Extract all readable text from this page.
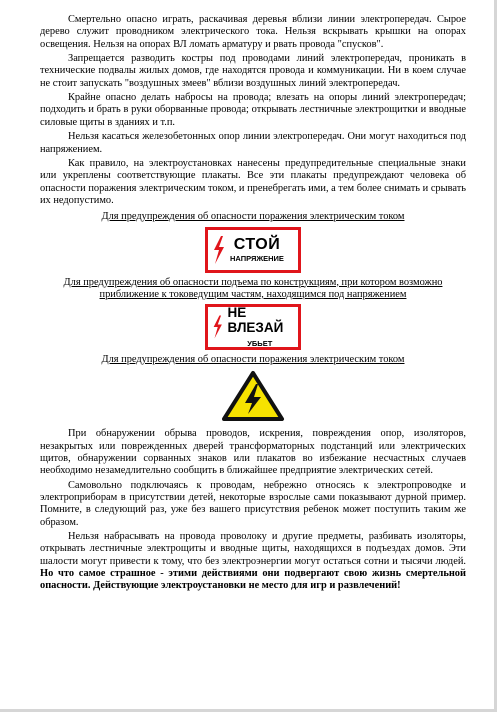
Смертельно опасно играть, раскачивая деревья вблизи линии электропередач. Сырое дерево служит проводником электрического тока. Нельзя вскрывать крышки на опорах освещения. Нельзя на опорах ВЛ ломать арматуру и рвать провода "спусков".

Запрещается разводить костры под проводами линий электропередач, проникать в технические подвалы жилых домов, где находятся провода и коммуникации. Ни в коем случае не стоит запускать "воздушных змеев" вблизи воздушных линий электропередач.

Крайне опасно делать набросы на провода; влезать на опоры линий электропередач; подходить и брать в руки оборванные провода; открывать лестничные электрощитки и вводные силовые щиты в зданиях и т.п.

Нельзя касаться железобетонных опор линии электропередач. Они могут находиться под напряжением.

Как правило, на электроустановках нанесены предупредительные специальные знаки или укреплены соответствующие плакаты. Все эти плакаты предупреждают человека об опасности поражения электрическим током, и пренебрегать ими, а тем более снимать и срывать их недопустимо.

Для предупреждения об опасности поражения электрическим током

СТОЙ
НАПРЯЖЕНИЕ

Для предупреждения об опасности подъема по конструкциям, при котором возможно приближение к токоведущим частям, находящимся под напряжением

НЕ ВЛЕЗАЙ
УБЬЕТ

Для предупреждения об опасности поражения электрическим током

При обнаружении обрыва проводов, искрения, повреждения опор, изоляторов, незакрытых или поврежденных дверей трансформаторных подстанций или электрических щитов, обнаружении сорванных знаков или плакатов во избежание несчастных случаев необходимо незамедлительно сообщить в ближайшее предприятие электрических сетей.

Самовольно подключаясь к проводам, небрежно относясь к электропроводке и электроприборам в присутствии детей, некоторые взрослые сами показывают дурной пример. Помните, в следующий раз, уже без вашего присутствия ребенок может поступить таким же образом.

Нельзя набрасывать на провода проволоку и другие предметы, разбивать изоляторы, открывать лестничные электрощиты и вводные щиты, находящихся в подъездах домов. Эти шалости могут привести к тому, что без электроэнергии могут остаться сотни и тысячи людей. Но что самое страшное - этими действиями они подвергают свою жизнь смертельной опасности. Действующие электроустановки не место для игр и развлечений!
